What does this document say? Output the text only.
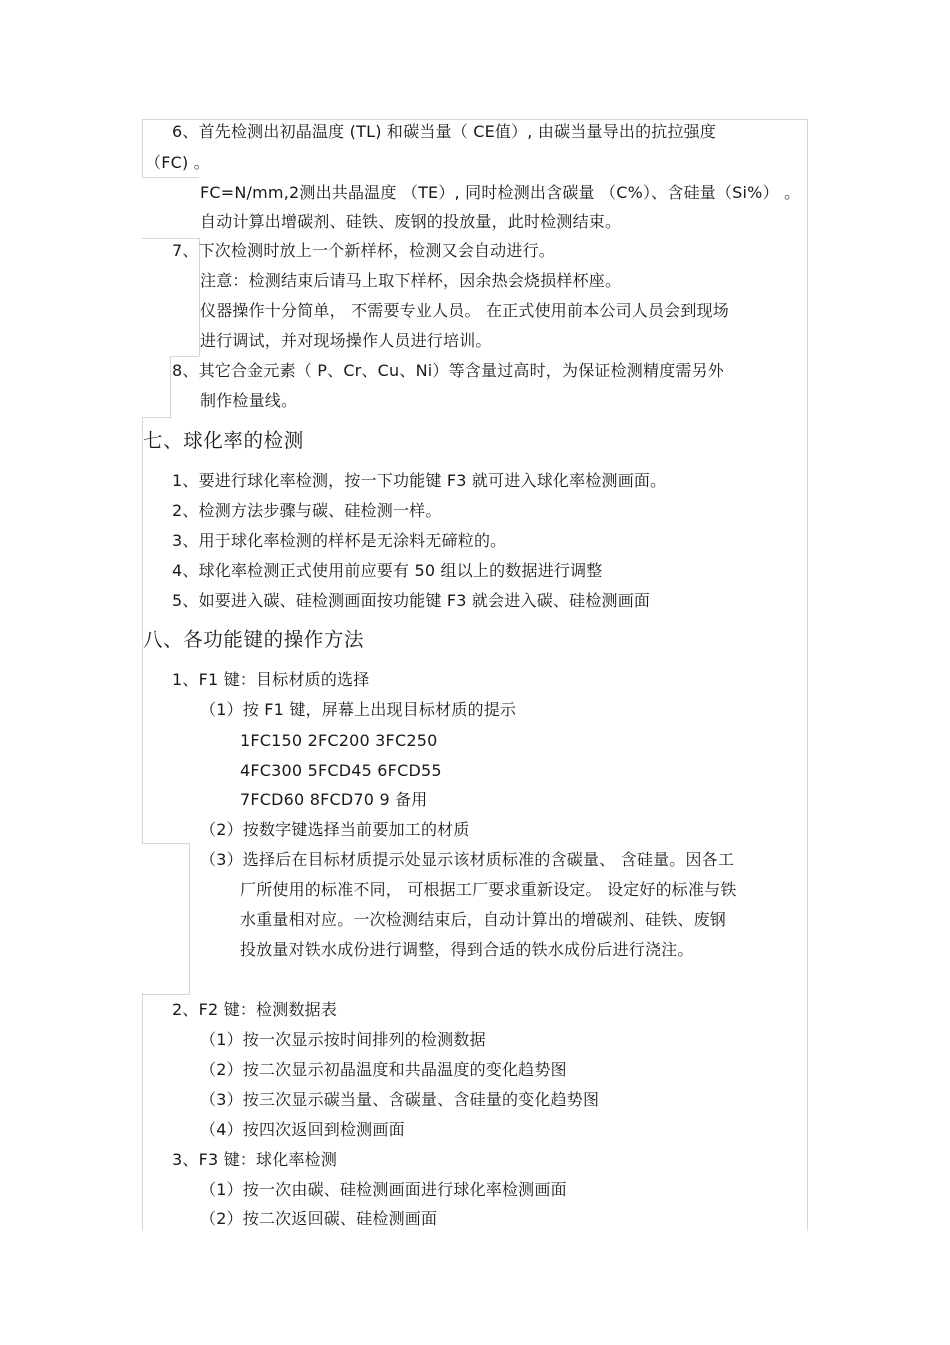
6、首先检测出初晶温度 (TL) 和碳当量（ CE值）, 由碳当量导出的抗拉强度
（FC) 。
FC=N/mm,2测出共晶温度 （TE）, 同时检测出含碳量 （C%）、含硅量（Si%） 。
自动计算出增碳剂、硅铁、废钢的投放量，此时检测结束。
7、下次检测时放上一个新样杯，检测又会自动进行。
注意：检测结束后请马上取下样杯，因余热会烧损样杯座。
仪器操作十分简单， 不需要专业人员。 在正式使用前本公司人员会到现场
进行调试，并对现场操作人员进行培训。
8、其它合金元素（ P、Cr、Cu、Ni）等含量过高时，为保证检测精度需另外
制作检量线。
七、球化率的检测
1、要进行球化率检测，按一下功能键 F3 就可进入球化率检测画面。
2、检测方法步骤与碳、硅检测一样。
3、用于球化率检测的样杯是无涂料无碲粒的。
4、球化率检测正式使用前应要有 50 组以上的数据进行调整
5、如要进入碳、硅检测画面按功能键 F3 就会进入碳、硅检测画面
八、各功能键的操作方法
1、F1 键：目标材质的选择
（1）按 F1 键，屏幕上出现目标材质的提示
1FC150 2FC200 3FC250
4FC300 5FCD45 6FCD55
7FCD60 8FCD70 9 备用
（2）按数字键选择当前要加工的材质
（3）选择后在目标材质提示处显示该材质标准的含碳量、 含硅量。因各工
厂所使用的标准不同， 可根据工厂要求重新设定。 设定好的标准与铁
水重量相对应。一次检测结束后，自动计算出的增碳剂、硅铁、废钢
投放量对铁水成份进行调整，得到合适的铁水成份后进行浇注。
2、F2 键：检测数据表
（1）按一次显示按时间排列的检测数据
（2）按二次显示初晶温度和共晶温度的变化趋势图
（3）按三次显示碳当量、含碳量、含硅量的变化趋势图
（4）按四次返回到检测画面
3、F3 键：球化率检测
（1）按一次由碳、硅检测画面进行球化率检测画面
（2）按二次返回碳、硅检测画面
